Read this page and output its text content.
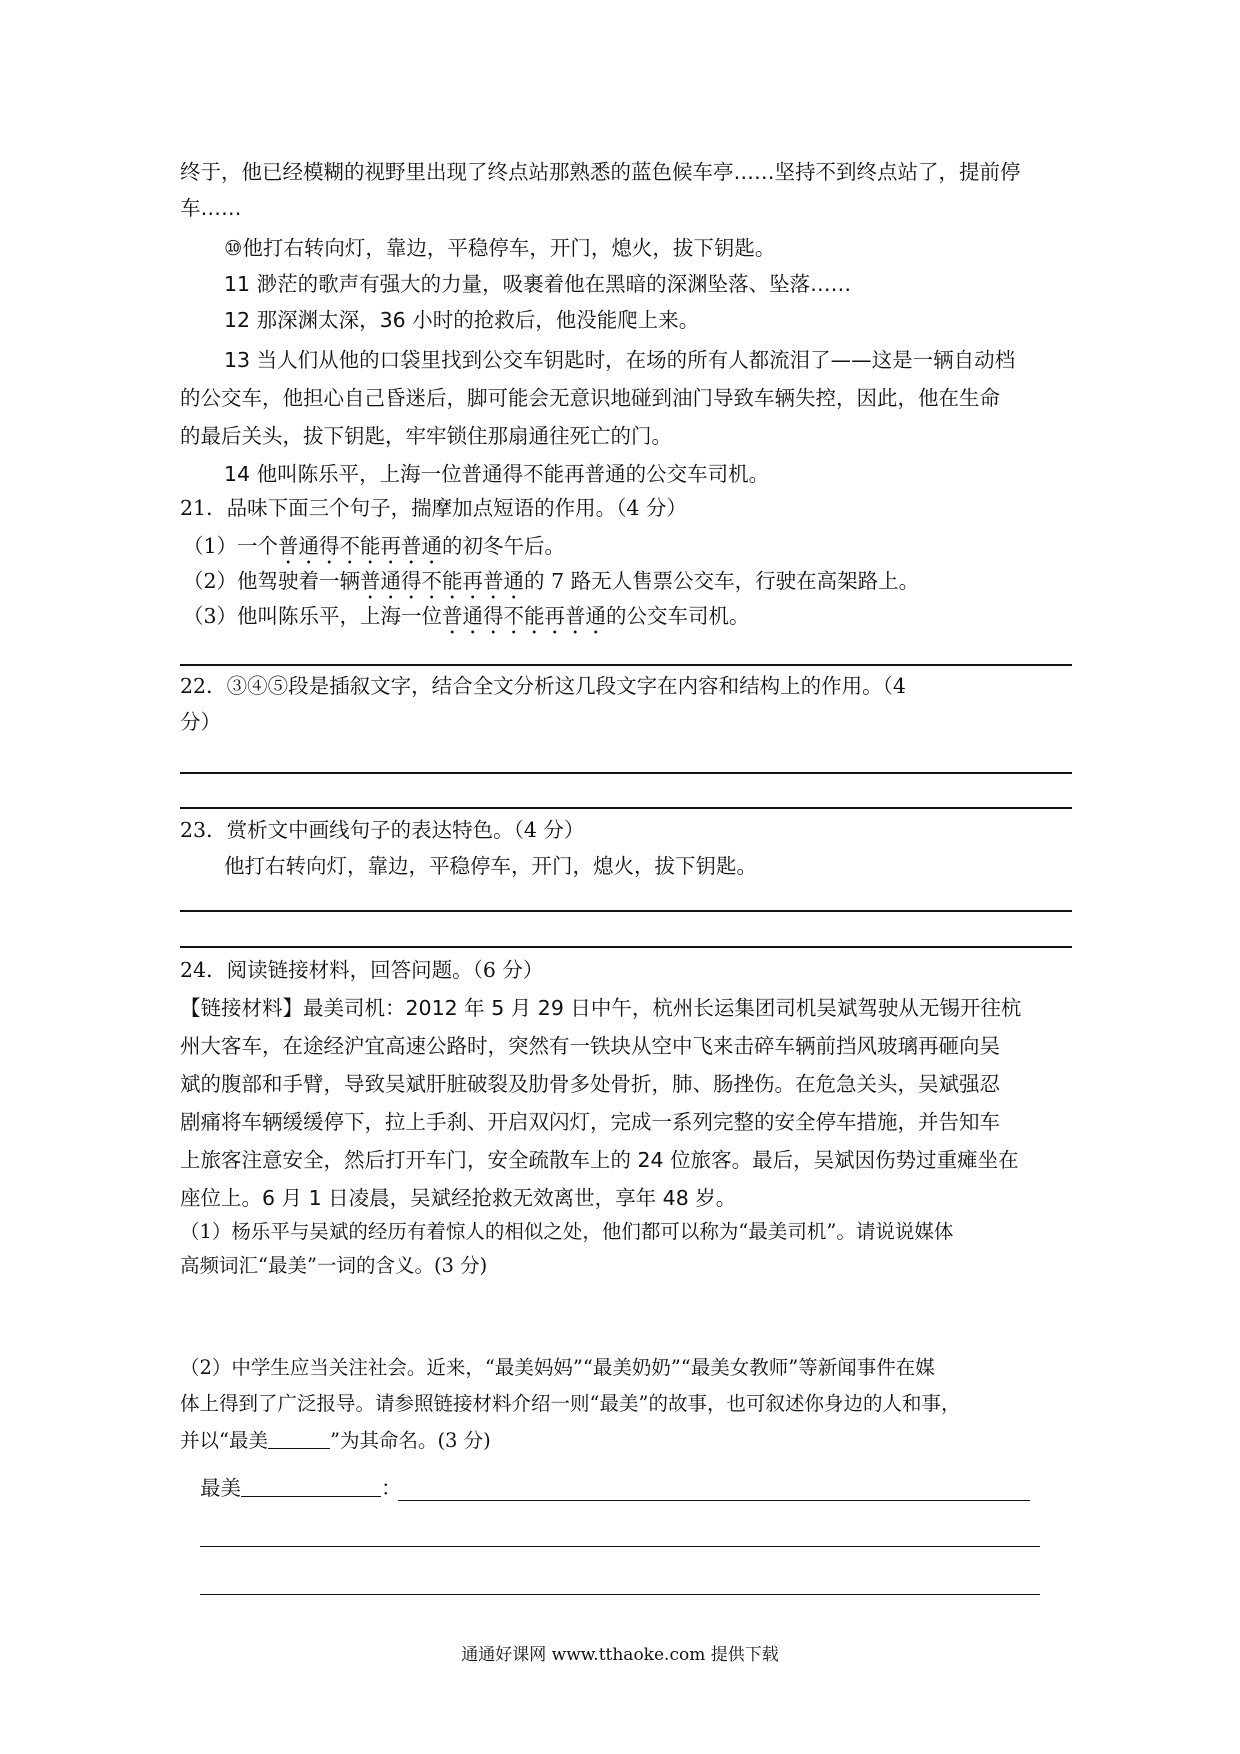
终于，他已经模糊的视野里出现了终点站那熟悉的蓝色候车亭……坚持不到终点站了，提前停
车……
⑩他打右转向灯，靠边，平稳停车，开门，熄火，拔下钥匙。
11 渺茫的歌声有强大的力量，吸裹着他在黑暗的深渊坠落、坠落……
12 那深渊太深，36 小时的抢救后，他没能爬上来。
13 当人们从他的口袋里找到公交车钥匙时，在场的所有人都流泪了——这是一辆自动档
的公交车，他担心自己昏迷后，脚可能会无意识地碰到油门导致车辆失控，因此，他在生命
的最后关头，拔下钥匙，牢牢锁住那扇通往死亡的门。
14 他叫陈乐平，上海一位普通得不能再普通的公交车司机。
21．品味下面三个句子，揣摩加点短语的作用。（4 分）
（1）一个普通得不能再普通的初冬午后。
（2）他驾驶着一辆普通得不能再普通的 7 路无人售票公交车，行驶在高架路上。
（3）他叫陈乐平，上海一位普通得不能再普通的公交车司机。
22．③④⑤段是插叙文字，结合全文分析这几段文字在内容和结构上的作用。（4
分）
23．赏析文中画线句子的表达特色。（4 分）
他打右转向灯，靠边，平稳停车，开门，熄火，拔下钥匙。
24．阅读链接材料，回答问题。（6 分）
【链接材料】最美司机：2012 年 5 月 29 日中午，杭州长运集团司机吴斌驾驶从无锡开往杭
州大客车，在途经沪宜高速公路时，突然有一铁块从空中飞来击碎车辆前挡风玻璃再砸向吴
斌的腹部和手臂，导致吴斌肝脏破裂及肋骨多处骨折，肺、肠挫伤。在危急关头，吴斌强忍
剧痛将车辆缓缓停下，拉上手刹、开启双闪灯，完成一系列完整的安全停车措施，并告知车
上旅客注意安全，然后打开车门，安全疏散车上的 24 位旅客。最后，吴斌因伤势过重瘫坐在
座位上。6 月 1 日凌晨，吴斌经抢救无效离世，享年 48 岁。
（1）杨乐平与吴斌的经历有着惊人的相似之处，他们都可以称为“最美司机”。请说说媒体
高频词汇“最美”一词的含义。(3 分)
（2）中学生应当关注社会。近来，“最美妈妈”“最美奶奶”“最美女教师”等新闻事件在媒
体上得到了广泛报导。请参照链接材料介绍一则“最美”的故事，也可叙述你身边的人和事，
并以“最美	”为其命名。(3 分)
最美	：
通通好课网 www.tthaoke.com 提供下载
